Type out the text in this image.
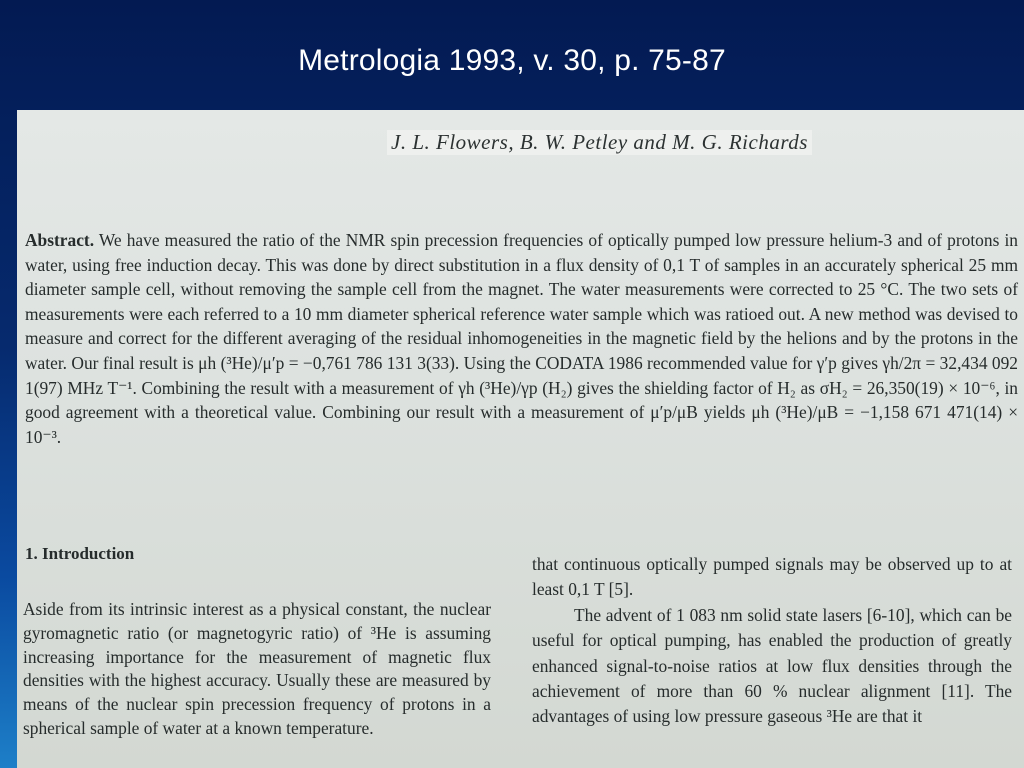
Metrologia 1993, v. 30, p. 75-87
J. L. Flowers, B. W. Petley and M. G. Richards

Abstract. We have measured the ratio of the NMR spin precession frequencies of optically pumped low pressure helium-3 and of protons in water, using free induction decay. This was done by direct substitution in a flux density of 0,1 T of samples in an accurately spherical 25 mm diameter sample cell, without removing the sample cell from the magnet. The water measurements were corrected to 25 °C. The two sets of measurements were each referred to a 10 mm diameter spherical reference water sample which was ratioed out. A new method was devised to measure and correct for the different averaging of the residual inhomogeneities in the magnetic field by the helions and by the protons in the water. Our final result is μh (³He)/μ′p = −0,761 786 131 3(33). Using the CODATA 1986 recommended value for γ′p gives γh/2π = 32,434 092 1(97) MHz T⁻¹. Combining the result with a measurement of γh (³He)/γp (H₂) gives the shielding factor of H₂ as σH₂ = 26,350(19) × 10⁻⁶, in good agreement with a theoretical value. Combining our result with a measurement of μ′p/μB yields μh (³He)/μB = −1,158 671 471(14) × 10⁻³.

1. Introduction

Aside from its intrinsic interest as a physical constant, the nuclear gyromagnetic ratio (or magnetogyric ratio) of ³He is assuming increasing importance for the measurement of magnetic flux densities with the highest accuracy. Usually these are measured by means of the nuclear spin precession frequency of protons in a spherical sample of water at a known temperature.

that continuous optically pumped signals may be observed up to at least 0,1 T [5].
The advent of 1 083 nm solid state lasers [6-10], which can be useful for optical pumping, has enabled the production of greatly enhanced signal-to-noise ratios at low flux densities through the achievement of more than 60 % nuclear alignment [11]. The advantages of using low pressure gaseous ³He are that it
